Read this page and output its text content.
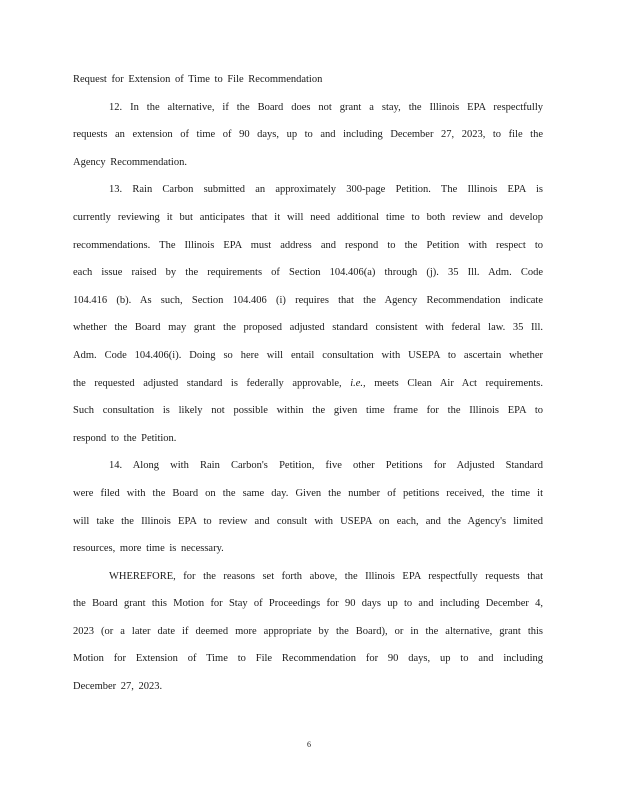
Request for Extension of Time to File Recommendation
12. In the alternative, if the Board does not grant a stay, the Illinois EPA respectfully
requests an extension of time of 90 days, up to and including December 27, 2023, to file the
Agency Recommendation.
13. Rain Carbon submitted an approximately 300-page Petition. The Illinois EPA is
currently reviewing it but anticipates that it will need additional time to both review and develop
recommendations. The Illinois EPA must address and respond to the Petition with respect to
each issue raised by the requirements of Section 104.406(a) through (j). 35 Ill. Adm. Code
104.416 (b). As such, Section 104.406 (i) requires that the Agency Recommendation indicate
whether the Board may grant the proposed adjusted standard consistent with federal law. 35 Ill.
Adm. Code 104.406(i). Doing so here will entail consultation with USEPA to ascertain whether
the requested adjusted standard is federally approvable, i.e., meets Clean Air Act requirements.
Such consultation is likely not possible within the given time frame for the Illinois EPA to
respond to the Petition.
14. Along with Rain Carbon's Petition, five other Petitions for Adjusted Standard
were filed with the Board on the same day. Given the number of petitions received, the time it
will take the Illinois EPA to review and consult with USEPA on each, and the Agency's limited
resources, more time is necessary.
WHEREFORE, for the reasons set forth above, the Illinois EPA respectfully requests that
the Board grant this Motion for Stay of Proceedings for 90 days up to and including December 4,
2023 (or a later date if deemed more appropriate by the Board), or in the alternative, grant this
Motion for Extension of Time to File Recommendation for 90 days, up to and including
December 27, 2023.
6
